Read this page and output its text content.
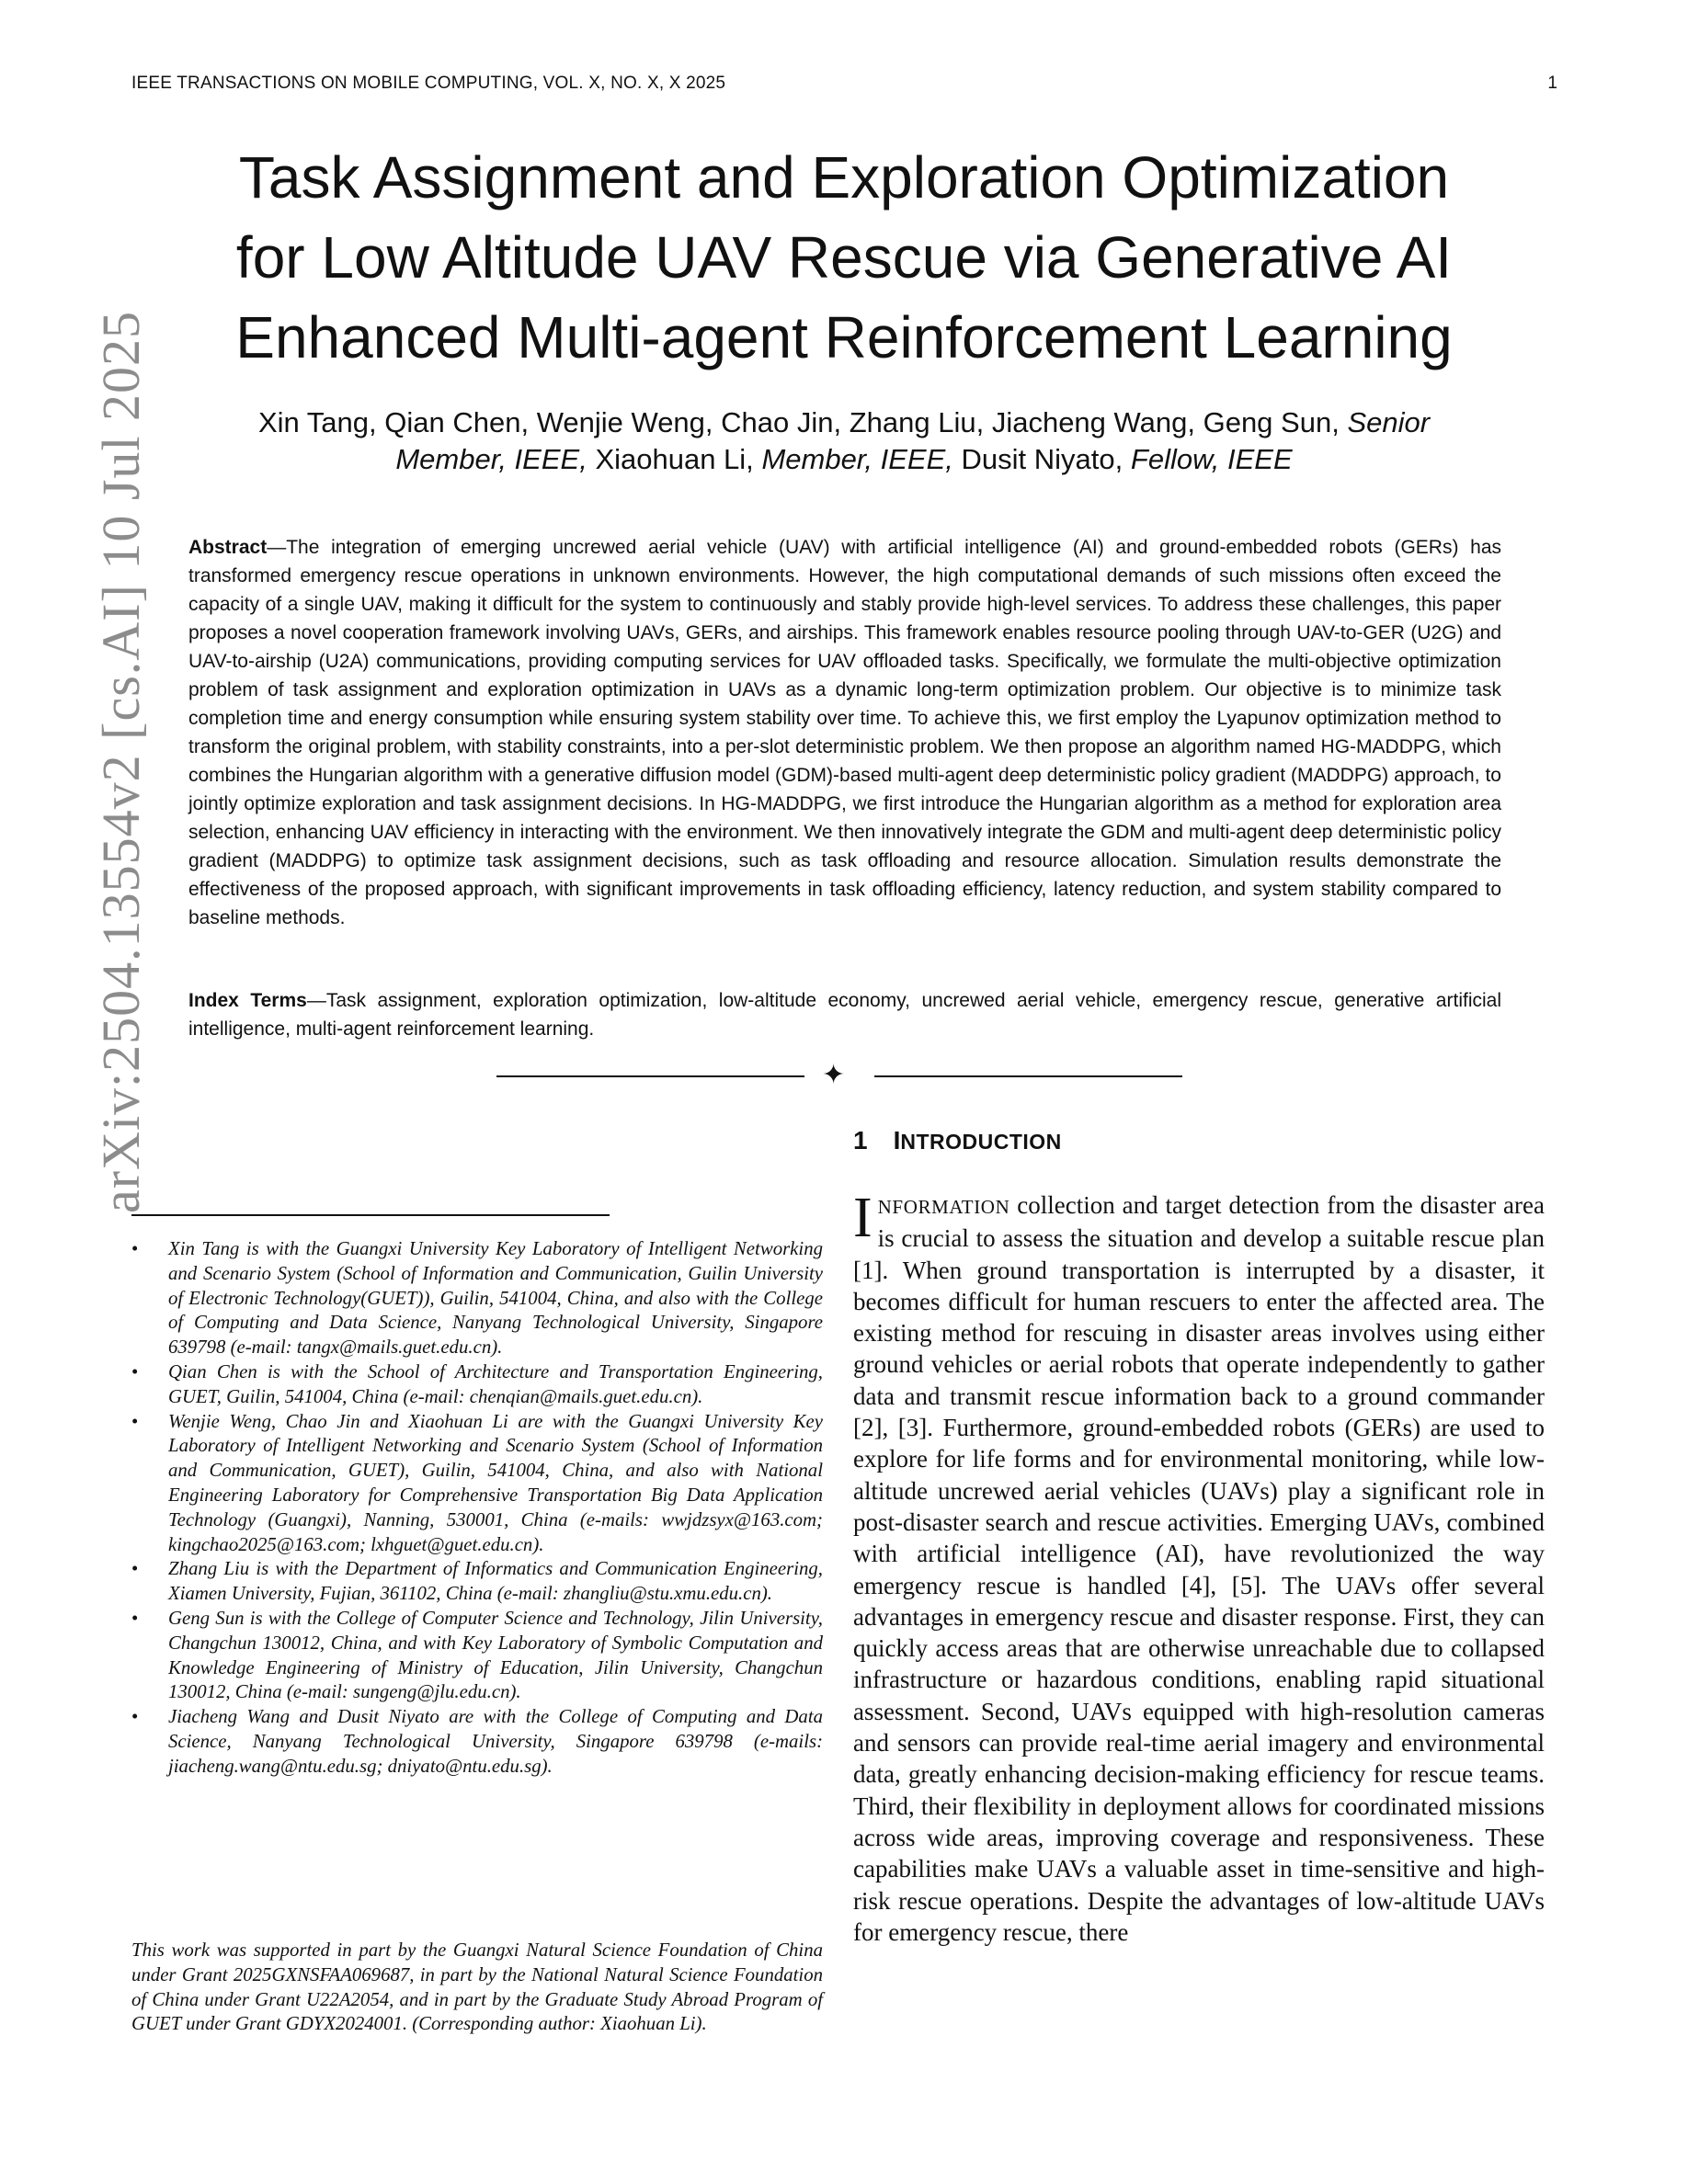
IEEE TRANSACTIONS ON MOBILE COMPUTING, VOL. X, NO. X, X 2025	1
arXiv:2504.13554v2 [cs.AI] 10 Jul 2025
Task Assignment and Exploration Optimization
for Low Altitude UAV Rescue via Generative AI
Enhanced Multi-agent Reinforcement Learning
Xin Tang, Qian Chen, Wenjie Weng, Chao Jin, Zhang Liu, Jiacheng Wang, Geng Sun, Senior
Member, IEEE, Xiaohuan Li, Member, IEEE, Dusit Niyato, Fellow, IEEE

Abstract—The integration of emerging uncrewed aerial vehicle (UAV) with artificial intelligence (AI) and ground-embedded robots (GERs) has transformed emergency rescue operations in unknown environments. However, the high computational demands of such missions often exceed the capacity of a single UAV, making it difficult for the system to continuously and stably provide high-level services. To address these challenges, this paper proposes a novel cooperation framework involving UAVs, GERs, and airships. This framework enables resource pooling through UAV-to-GER (U2G) and UAV-to-airship (U2A) communications, providing computing services for UAV offloaded tasks. Specifically, we formulate the multi-objective optimization problem of task assignment and exploration optimization in UAVs as a dynamic long-term optimization problem. Our objective is to minimize task completion time and energy consumption while ensuring system stability over time. To achieve this, we first employ the Lyapunov optimization method to transform the original problem, with stability constraints, into a per-slot deterministic problem. We then propose an algorithm named HG-MADDPG, which combines the Hungarian algorithm with a generative diffusion model (GDM)-based multi-agent deep deterministic policy gradient (MADDPG) approach, to jointly optimize exploration and task assignment decisions. In HG-MADDPG, we first introduce the Hungarian algorithm as a method for exploration area selection, enhancing UAV efficiency in interacting with the environment. We then innovatively integrate the GDM and multi-agent deep deterministic policy gradient (MADDPG) to optimize task assignment decisions, such as task offloading and resource allocation. Simulation results demonstrate the effectiveness of the proposed approach, with significant improvements in task offloading efficiency, latency reduction, and system stability compared to baseline methods.

Index Terms—Task assignment, exploration optimization, low-altitude economy, uncrewed aerial vehicle, emergency rescue, generative artificial intelligence, multi-agent reinforcement learning.

✦
1 INTRODUCTION

INFORMATION collection and target detection from the disaster area is crucial to assess the situation and develop a suitable rescue plan [1]. When ground transportation is interrupted by a disaster, it becomes difficult for human rescuers to enter the affected area. The existing method for rescuing in disaster areas involves using either ground vehicles or aerial robots that operate independently to gather data and transmit rescue information back to a ground commander [2], [3]. Furthermore, ground-embedded robots (GERs) are used to explore for life forms and for environmental monitoring, while low-altitude uncrewed aerial vehicles (UAVs) play a significant role in post-disaster search and rescue activities. Emerging UAVs, combined with artificial intelligence (AI), have revolutionized the way emergency rescue is handled [4], [5]. The UAVs offer several advantages in emergency rescue and disaster response. First, they can quickly access areas that are otherwise unreachable due to collapsed infrastructure or hazardous conditions, enabling rapid situational assessment. Second, UAVs equipped with high-resolution cameras and sensors can provide real-time aerial imagery and environmental data, greatly enhancing decision-making efficiency for rescue teams. Third, their flexibility in deployment allows for coordinated missions across wide areas, improving coverage and responsiveness. These capabilities make UAVs a valuable asset in time-sensitive and high-risk rescue operations. Despite the advantages of low-altitude UAVs for emergency rescue, there

• Xin Tang is with the Guangxi University Key Laboratory of Intelligent Networking and Scenario System (School of Information and Communication, Guilin University of Electronic Technology(GUET)), Guilin, 541004, China, and also with the College of Computing and Data Science, Nanyang Technological University, Singapore 639798 (e-mail: tangx@mails.guet.edu.cn).
• Qian Chen is with the School of Architecture and Transportation Engineering, GUET, Guilin, 541004, China (e-mail: chenqian@mails.guet.edu.cn).
• Wenjie Weng, Chao Jin and Xiaohuan Li are with the Guangxi University Key Laboratory of Intelligent Networking and Scenario System (School of Information and Communication, GUET), Guilin, 541004, China, and also with National Engineering Laboratory for Comprehensive Transportation Big Data Application Technology (Guangxi), Nanning, 530001, China (e-mails: wwjdzsyx@163.com; kingchao2025@163.com; lxhguet@guet.edu.cn).
• Zhang Liu is with the Department of Informatics and Communication Engineering, Xiamen University, Fujian, 361102, China (e-mail: zhangliu@stu.xmu.edu.cn).
• Geng Sun is with the College of Computer Science and Technology, Jilin University, Changchun 130012, China, and with Key Laboratory of Symbolic Computation and Knowledge Engineering of Ministry of Education, Jilin University, Changchun 130012, China (e-mail: sungeng@jlu.edu.cn).
• Jiacheng Wang and Dusit Niyato are with the College of Computing and Data Science, Nanyang Technological University, Singapore 639798 (e-mails: jiacheng.wang@ntu.edu.sg; dniyato@ntu.edu.sg).

This work was supported in part by the Guangxi Natural Science Foundation of China under Grant 2025GXNSFAA069687, in part by the National Natural Science Foundation of China under Grant U22A2054, and in part by the Graduate Study Abroad Program of GUET under Grant GDYX2024001. (Corresponding author: Xiaohuan Li).
